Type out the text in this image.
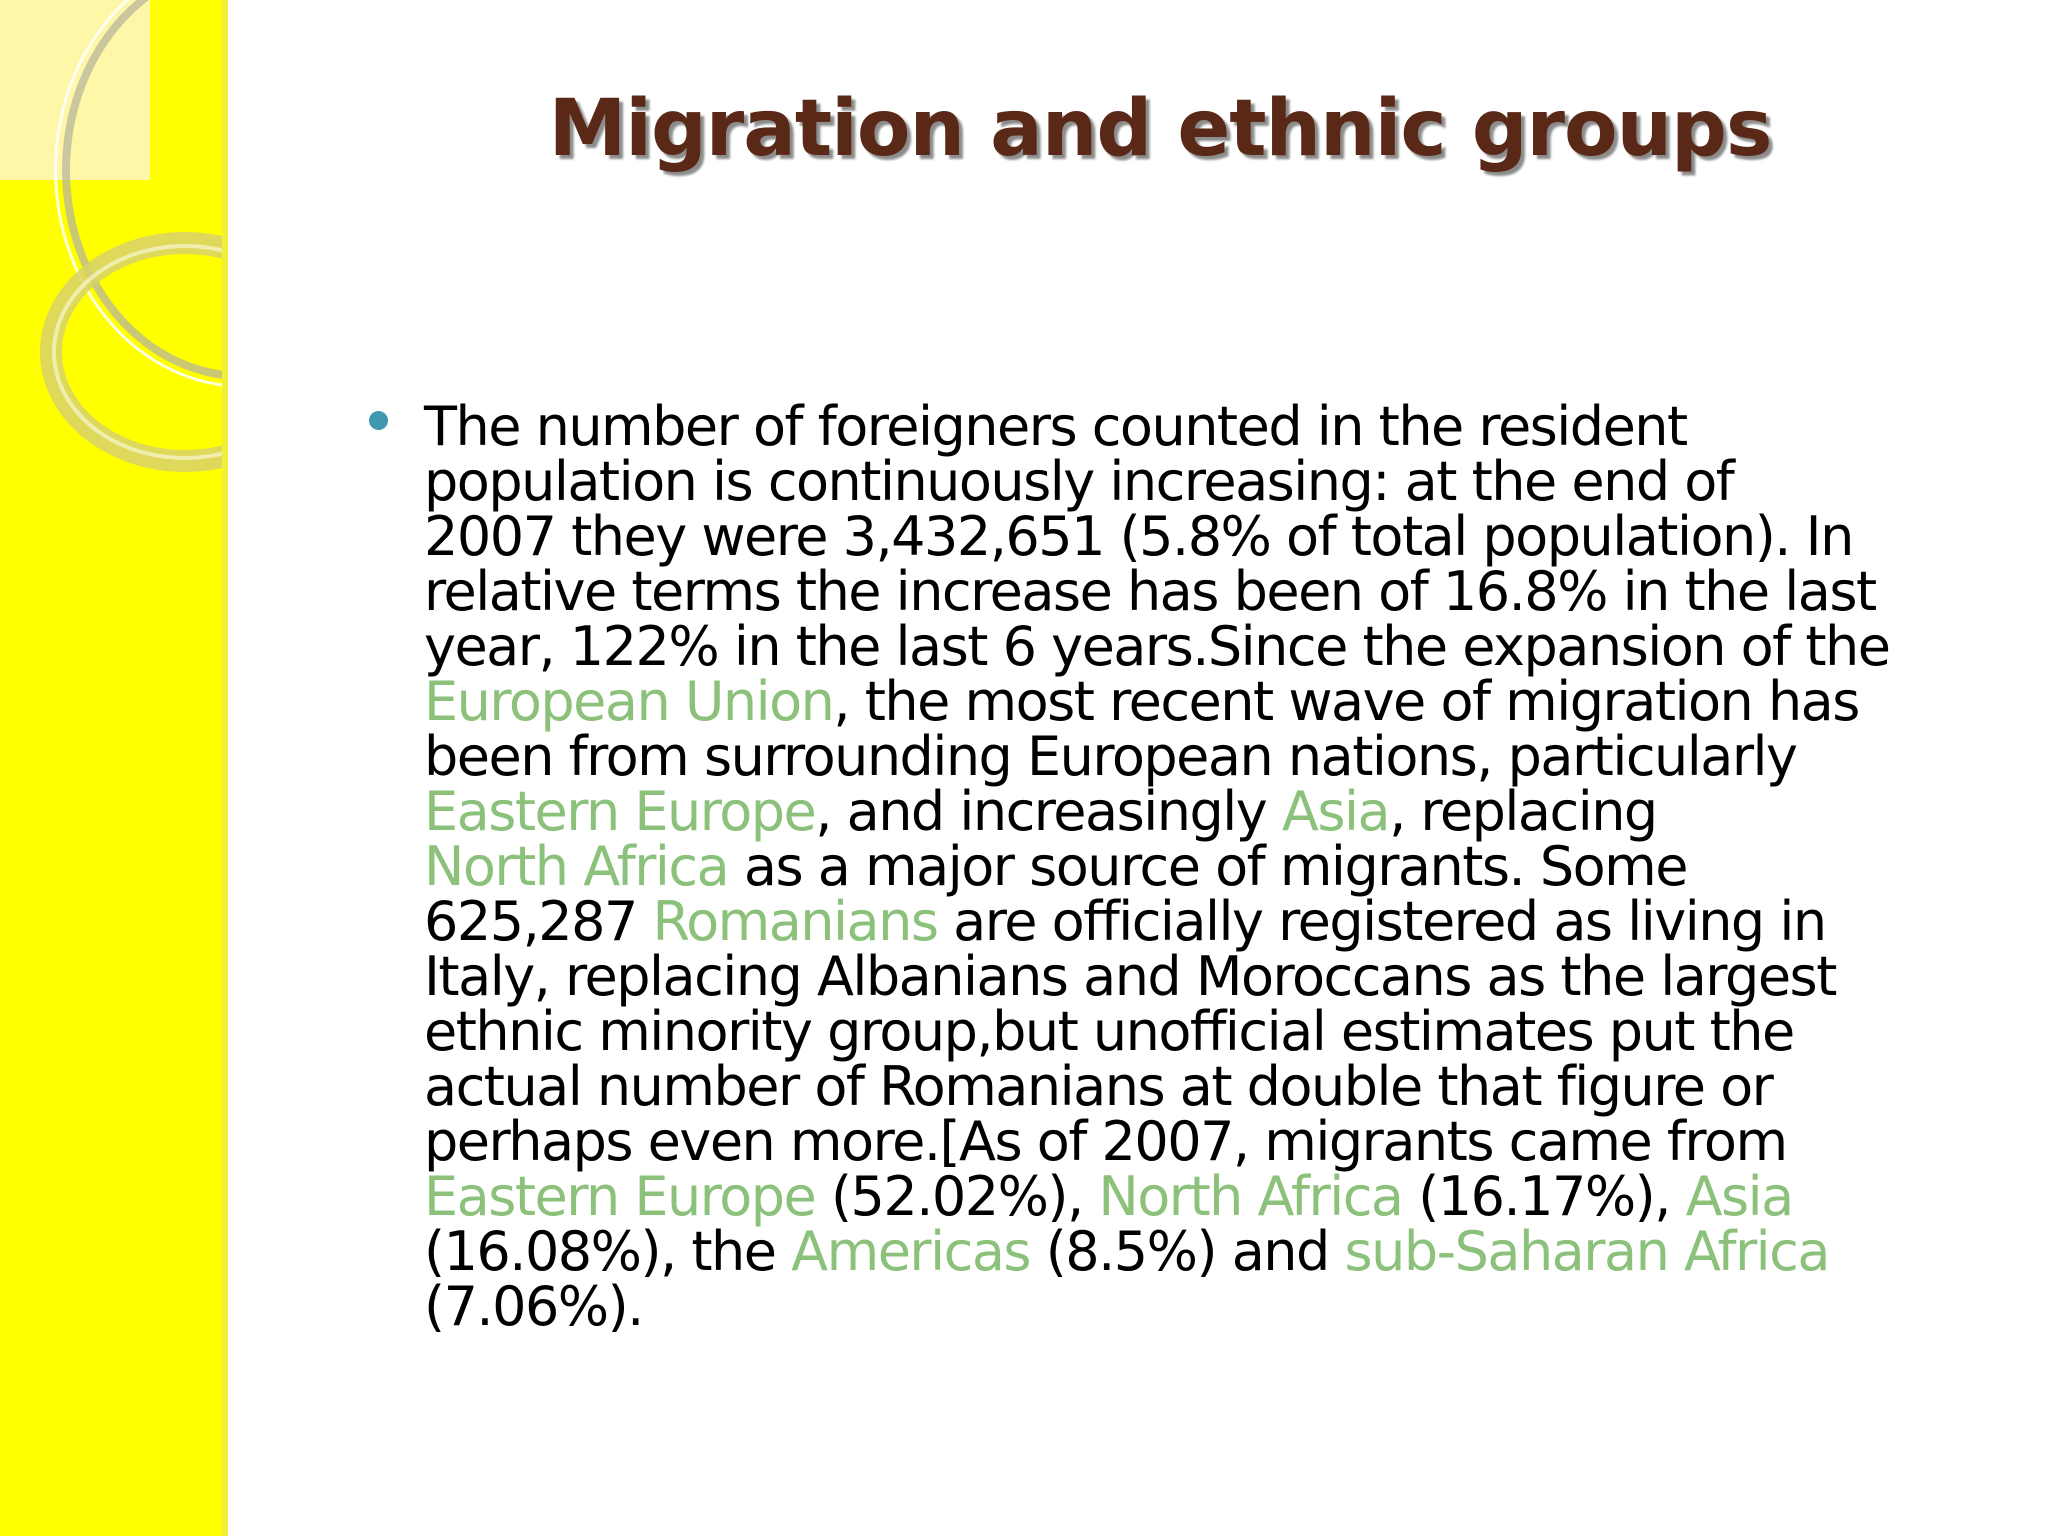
Migration and ethnic groups

The number of foreigners counted in the resident
population is continuously increasing: at the end of
2007 they were 3,432,651 (5.8% of total population). In
relative terms the increase has been of 16.8% in the last
year, 122% in the last 6 years.Since the expansion of the
European Union, the most recent wave of migration has
been from surrounding European nations, particularly
Eastern Europe, and increasingly Asia, replacing
North Africa as a major source of migrants. Some
625,287 Romanians are officially registered as living in
Italy, replacing Albanians and Moroccans as the largest
ethnic minority group,but unofficial estimates put the
actual number of Romanians at double that figure or
perhaps even more.[As of 2007, migrants came from
Eastern Europe (52.02%), North Africa (16.17%), Asia
(16.08%), the Americas (8.5%) and sub-Saharan Africa
(7.06%).
